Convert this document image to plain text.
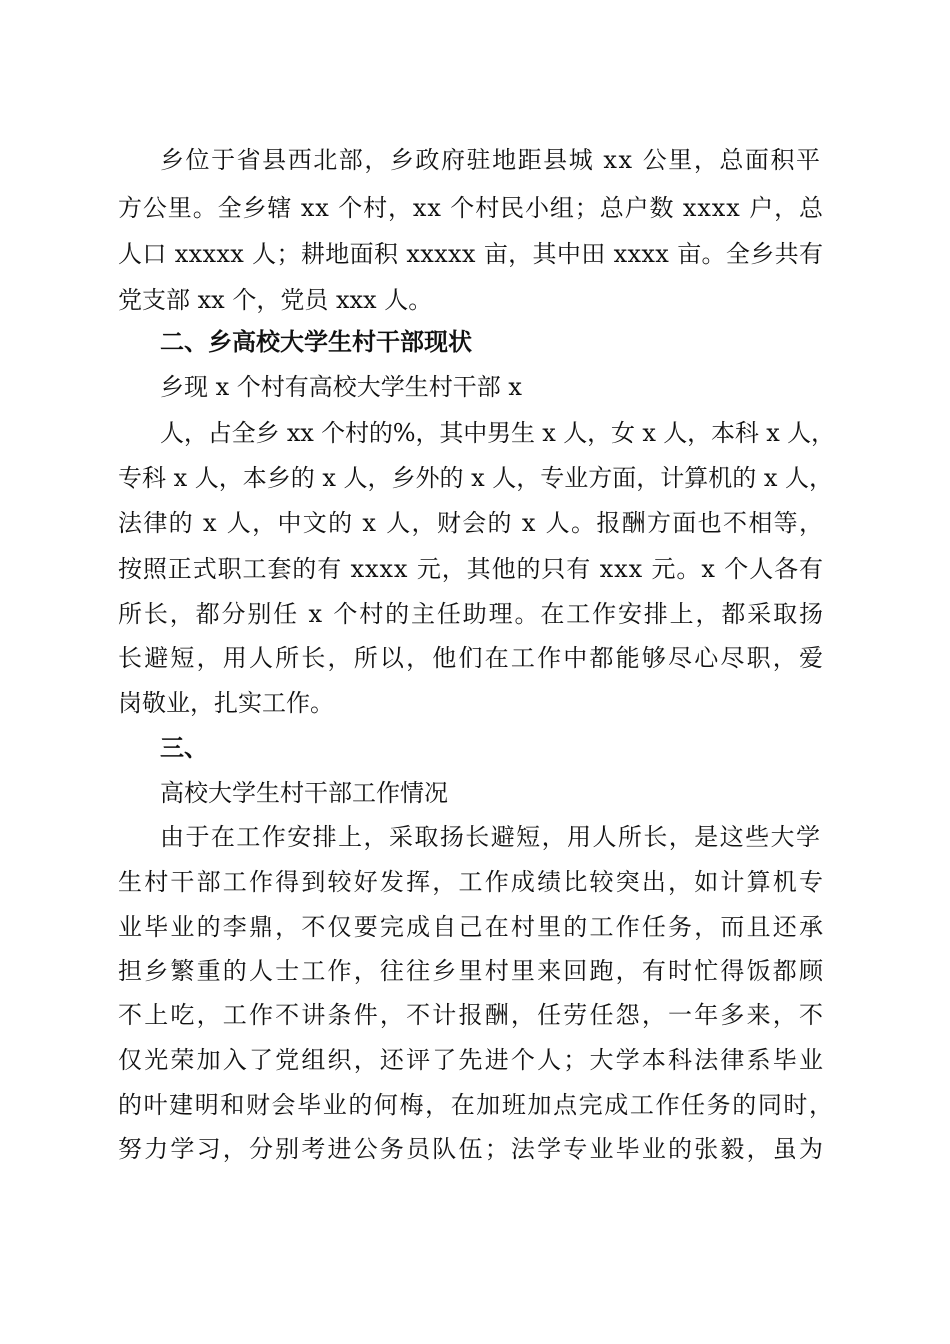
乡位于省县西北部，乡政府驻地距县城 xx 公里，总面积平
方公里。全乡辖 xx 个村，xx 个村民小组；总户数 xxxx 户，总
人口 xxxxx 人；耕地面积 xxxxx 亩，其中田 xxxx 亩。全乡共有
党支部 xx 个，党员 xxx 人。
二、乡高校大学生村干部现状
乡现 x 个村有高校大学生村干部 x
人，占全乡 xx 个村的%，其中男生 x 人，女 x 人，本科 x 人，
专科 x 人，本乡的 x 人，乡外的 x 人，专业方面，计算机的 x 人，
法律的 x 人，中文的 x 人，财会的 x 人。报酬方面也不相等，
按照正式职工套的有 xxxx 元，其他的只有 xxx 元。x 个人各有
所长，都分别任 x 个村的主任助理。在工作安排上，都采取扬
长避短，用人所长，所以，他们在工作中都能够尽心尽职，爱
岗敬业，扎实工作。
三、
高校大学生村干部工作情况
由于在工作安排上，采取扬长避短，用人所长，是这些大学
生村干部工作得到较好发挥，工作成绩比较突出，如计算机专
业毕业的李鼎，不仅要完成自己在村里的工作任务，而且还承
担乡繁重的人士工作，往往乡里村里来回跑，有时忙得饭都顾
不上吃，工作不讲条件，不计报酬，任劳任怨，一年多来，不
仅光荣加入了党组织，还评了先进个人；大学本科法律系毕业
的叶建明和财会毕业的何梅，在加班加点完成工作任务的同时，
努力学习，分别考进公务员队伍；法学专业毕业的张毅，虽为
